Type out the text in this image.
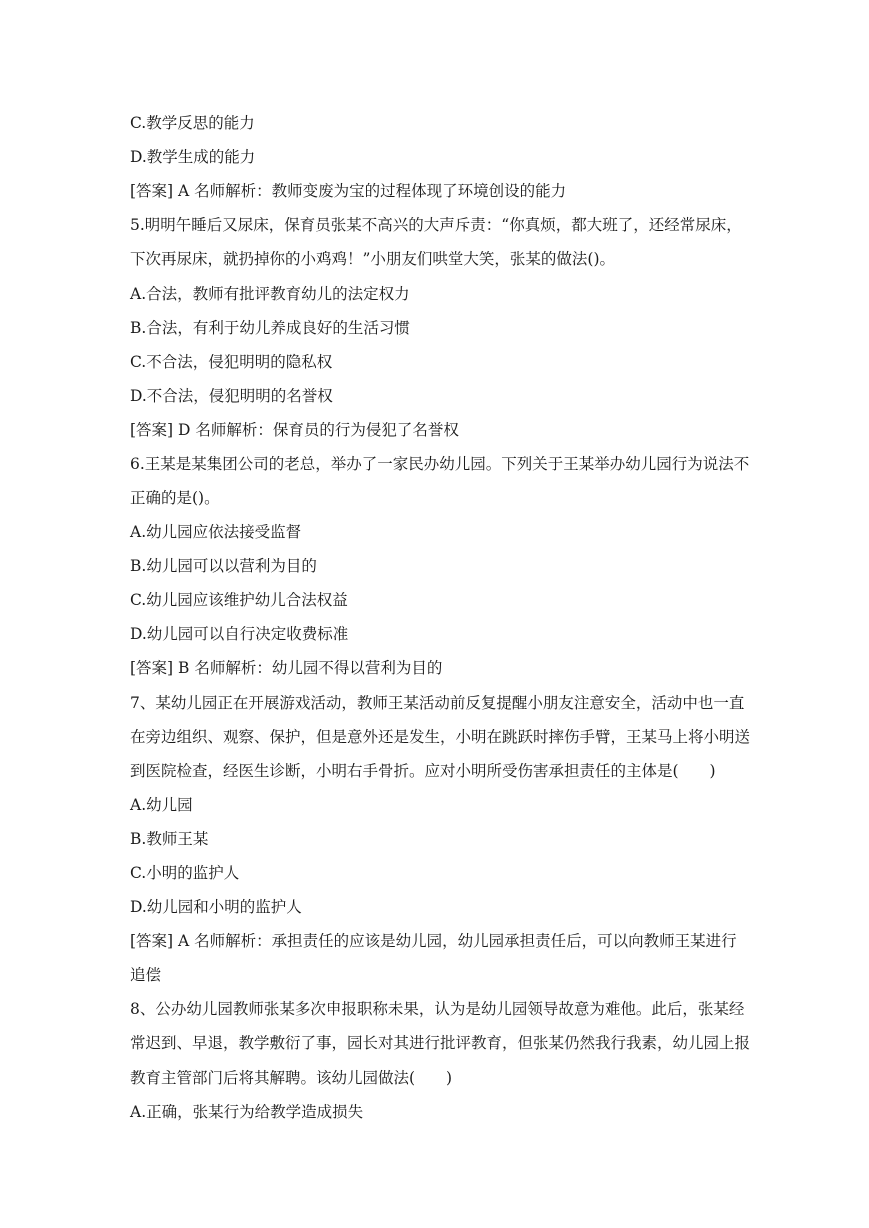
C.教学反思的能力
D.教学生成的能力
[答案] A 名师解析：教师变废为宝的过程体现了环境创设的能力
5.明明午睡后又尿床，保育员张某不高兴的大声斥责：“你真烦，都大班了，还经常尿床，
下次再尿床，就扔掉你的小鸡鸡！”小朋友们哄堂大笑，张某的做法()。
A.合法，教师有批评教育幼儿的法定权力
B.合法，有利于幼儿养成良好的生活习惯
C.不合法，侵犯明明的隐私权
D.不合法，侵犯明明的名誉权
[答案] D 名师解析：保育员的行为侵犯了名誉权
6.王某是某集团公司的老总，举办了一家民办幼儿园。下列关于王某举办幼儿园行为说法不
正确的是()。
A.幼儿园应依法接受监督
B.幼儿园可以以营利为目的
C.幼儿园应该维护幼儿合法权益
D.幼儿园可以自行决定收费标准
[答案] B 名师解析：幼儿园不得以营利为目的
7、某幼儿园正在开展游戏活动，教师王某活动前反复提醒小朋友注意安全，活动中也一直
在旁边组织、观察、保护，但是意外还是发生，小明在跳跃时摔伤手臂，王某马上将小明送
到医院检查，经医生诊断，小明右手骨折。应对小明所受伤害承担责任的主体是(　　)
A.幼儿园
B.教师王某
C.小明的监护人
D.幼儿园和小明的监护人
[答案] A 名师解析：承担责任的应该是幼儿园，幼儿园承担责任后，可以向教师王某进行
追偿
8、公办幼儿园教师张某多次申报职称未果，认为是幼儿园领导故意为难他。此后，张某经
常迟到、早退，教学敷衍了事，园长对其进行批评教育，但张某仍然我行我素，幼儿园上报
教育主管部门后将其解聘。该幼儿园做法(　　)
A.正确，张某行为给教学造成损失
